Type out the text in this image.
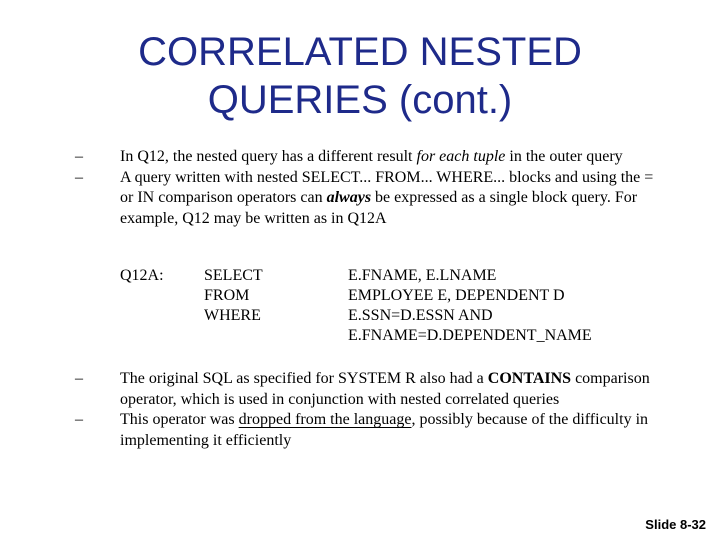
CORRELATED NESTED
QUERIES (cont.)

–
In Q12, the nested query has a different result for each tuple in the outer query

–
A query written with nested SELECT... FROM... WHERE... blocks and using the = or IN comparison operators can always be expressed as a single block query. For example, Q12 may be written as in Q12A

Q12A:	SELECT
FROM
WHERE
E.FNAME, E.LNAME
EMPLOYEE E, DEPENDENT D
E.SSN=D.ESSN AND
E.FNAME=D.DEPENDENT_NAME

–
The original SQL as specified for SYSTEM R also had a CONTAINS comparison operator, which is used in conjunction with nested correlated queries

–
This operator was dropped from the language, possibly because of the difficulty in implementing it efficiently

Slide 8-32
